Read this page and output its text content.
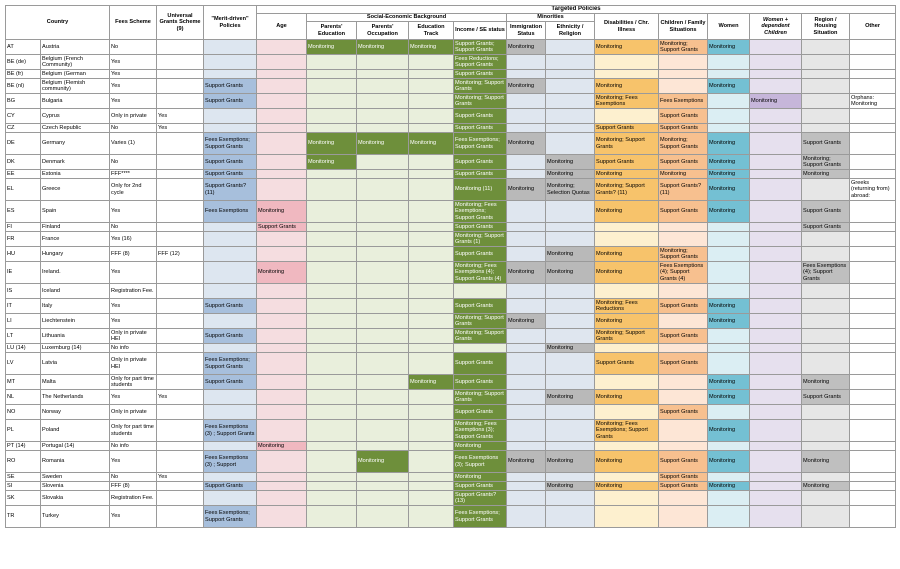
Country		Fees Scheme	Universal Grants Scheme (9)	"Merit-driven" Policies	Targeted Policies												
					Age	Social-Economic Background				Minorities		Disabilities / Chr. Illness	Children / Family Situations	Women	Women + dependent Children	Region / Housing Situation	Other
						Parents' Education	Parents' Occupation	Education Track	Income / SE status	Immigration Status	Ethnicity / Religion						
AT	Austria	No				Monitoring	Monitoring	Monitoring	Support Grants; Support Grants	Monitoring		Monitoring	Monitoring; Support Grants	Monitoring			
BE (de)	Belgium (French Community)	Yes							Fees Reductions; Support Grants								
BE (fr)	Belgium (German	Yes							Support Grants								
BE (nl)	Belgium (Flemish community)	Yes		Support Grants					Monitoring; Support Grants	Monitoring		Monitoring		Monitoring			
BG	Bulgaria	Yes		Support Grants					Monitoring; Support Grants			Monitoring; Fees Exemptions	Fees Exemptions		Monitoring		Orphans: Monitoring
CY	Cyprus	Only in private	Yes						Support Grants				Support Grants				
CZ	Czech Republic	No	Yes						Support Grants			Support Grants	Support Grants				
DE	Germany	Varies (1)		Fees Exemptions; Support Grants		Monitoring	Monitoring	Monitoring	Fees Exemptions; Support Grants	Monitoring		Monitoring; Support Grants	Monitoring; Support Grants	Monitoring		Support Grants	
DK	Denmark	No		Support Grants		Monitoring			Support Grants		Monitoring	Support Grants	Support Grants	Monitoring		Monitoring; Support Grants	
EE	Estonia	FFF****		Support Grants					Support Grants		Monitoring	Monitoring	Monitoring	Monitoring		Monitoring	
EL	Greece	Only for 2nd cycle		Support Grants? (11)					Monitoring (11)	Monitoring	Monitoring; Selection Quotas	Monitoring; Support Grants? (11)	Support Grants? (11)	Monitoring			Greeks (returning from) abroad:
ES	Spain	Yes		Fees Exemptions	Monitoring				Monitoring; Fees Exemptions; Support Grants			Monitoring	Support Grants	Monitoring		Support Grants	
FI	Finland	No			Support Grants				Support Grants							Support Grants	
FR	France	Yes (16)							Monitoring; Support Grants (1)								
HU	Hungary	FFF (8)	FFF (12)						Support Grants		Monitoring	Monitoring	Monitoring; Support Grants				
IE	Ireland.	Yes			Monitoring				Monitoring; Fees Exemptions (4); Support Grants (4)	Monitoring	Monitoring	Monitoring	Fees Exemptions (4); Support Grants (4)			Fees Exemptions (4); Support Grants	
IS	Iceland	Registration Fee.															
IT	Italy	Yes		Support Grants					Support Grants			Monitoring; Fees Reductions	Support Grants	Monitoring			
LI	Liechtenstein	Yes							Monitoring; Support Grants	Monitoring		Monitoring		Monitoring			
LT	Lithuania	Only in private HEI		Support Grants					Monitoring; Support Grants			Monitoring; Support Grants	Support Grants				
LU (14)	Luxemburg (14)	No info									Monitoring						
LV	Latvia	Only in private HEI		Fees Exemptions; Support Grants					Support Grants			Support Grants	Support Grants				
MT	Malta	Only for part time students		Support Grants				Monitoring	Support Grants					Monitoring		Monitoring	
NL	The Netherlands	Yes	Yes						Monitoring; Support Grants		Monitoring	Monitoring		Monitoring		Support Grants	
NO	Norway	Only in private							Support Grants				Support Grants				
PL	Poland	Only for part time students		Fees Exemptions (3) ; Support Grants					Monitoring; Fees Exemptions (3); Support Grants			Monitoring; Fees Exemptions; Support Grants		Monitoring			
PT (14)	Portugal (14)	No info			Monitoring				Monitoring								
RO	Romania	Yes		Fees Exemptions (3) ; Support			Monitoring		Fees Exemptions (3); Support	Monitoring	Monitoring	Monitoring	Support Grants	Monitoring		Monitoring	
SE	Sweden	No	Yes						Monitoring				Support Grants				
SI	Slovenia	FFF (8)		Support Grants					Support Grants		Monitoring	Monitoring	Support Grants	Monitoring		Monitoring	
SK	Slovakia	Registration Fee.							Support Grants? (13)								
TR	Turkey	Yes		Fees Exemptions; Support Grants					Fees Exemptions; Support Grants								
